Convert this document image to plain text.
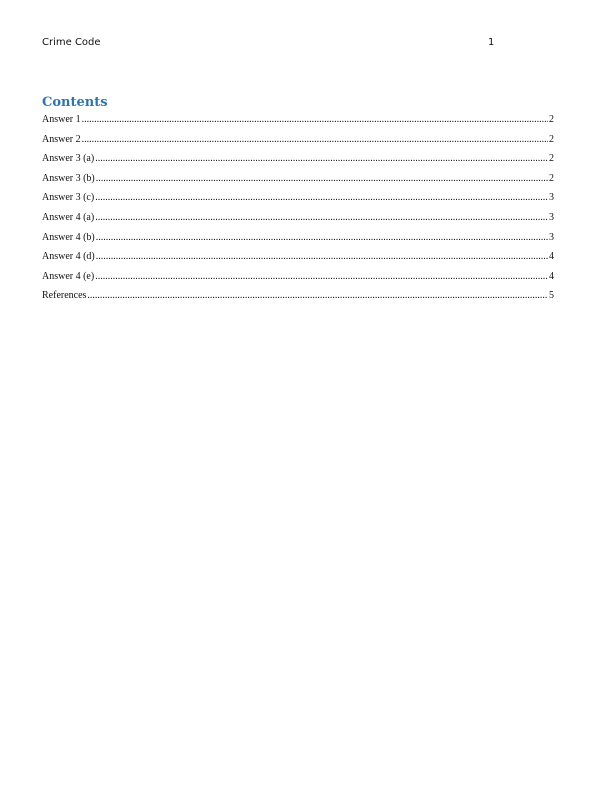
Crime Code	1
Contents
Answer 1 .....	2
Answer 2 .....	2
Answer 3 (a) .....	2
Answer 3 (b) .....	2
Answer 3 (c) .....	3
Answer 4 (a) .....	3
Answer 4 (b) .....	3
Answer 4 (d) .....	4
Answer 4 (e) .....	4
References .....	5
